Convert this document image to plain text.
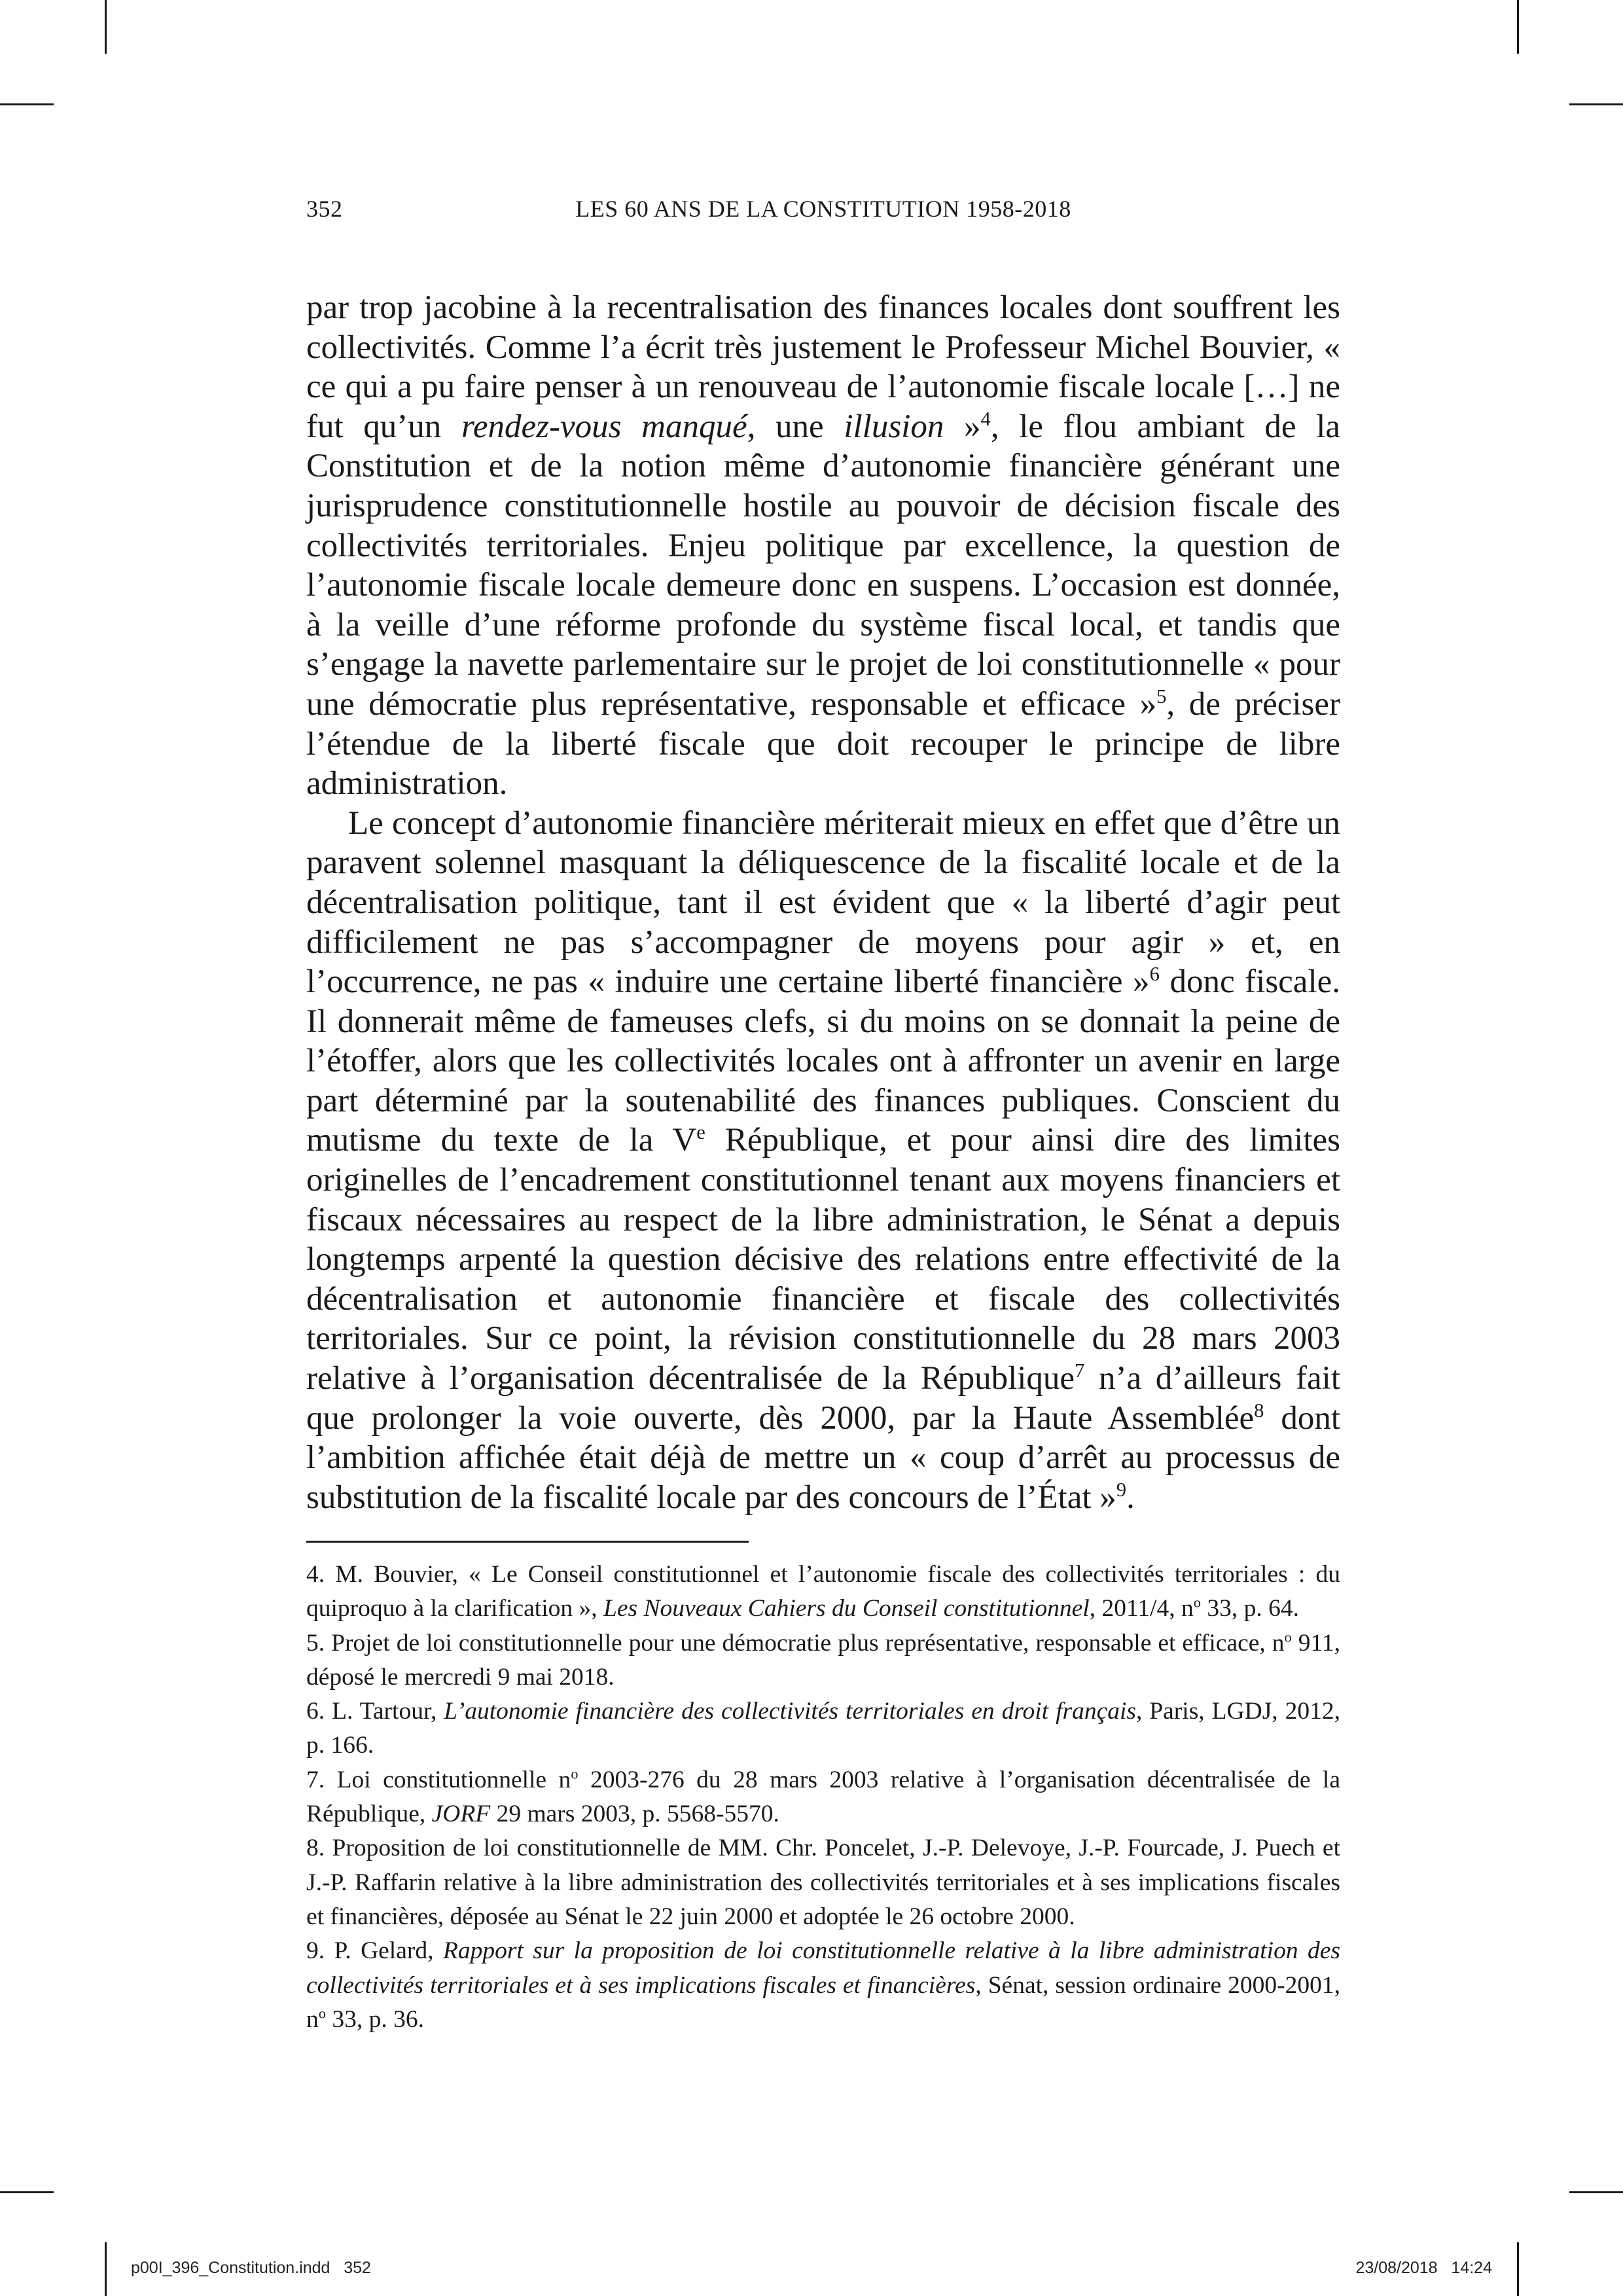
352	LES 60 ANS DE LA CONSTITUTION 1958-2018

par trop jacobine à la recentralisation des finances locales dont souffrent les collectivités. Comme l’a écrit très justement le Professeur Michel Bouvier, « ce qui a pu faire penser à un renouveau de l’autonomie fiscale locale […] ne fut qu’un rendez-vous manqué, une illusion »$^4$, le flou ambiant de la Constitution et de la notion même d’autonomie financière générant une jurisprudence constitutionnelle hostile au pouvoir de décision fiscale des collectivités territoriales. Enjeu politique par excellence, la question de l’autonomie fiscale locale demeure donc en suspens. L’occasion est donnée, à la veille d’une réforme profonde du système fiscal local, et tandis que s’engage la navette parlementaire sur le projet de loi constitutionnelle « pour une démocratie plus représentative, responsable et efficace »$^5$, de préciser l’étendue de la liberté fiscale que doit recouper le principe de libre administration.

Le concept d’autonomie financière mériterait mieux en effet que d’être un paravent solennel masquant la déliquescence de la fiscalité locale et de la décentralisation politique, tant il est évident que « la liberté d’agir peut difficilement ne pas s’accompagner de moyens pour agir » et, en l’occurrence, ne pas « induire une certaine liberté financière »$^6$ donc fiscale. Il donnerait même de fameuses clefs, si du moins on se donnait la peine de l’étoffer, alors que les collectivités locales ont à affronter un avenir en large part déterminé par la soutenabilité des finances publiques. Conscient du mutisme du texte de la Ve République, et pour ainsi dire des limites originelles de l’encadrement constitutionnel tenant aux moyens financiers et fiscaux nécessaires au respect de la libre administration, le Sénat a depuis longtemps arpenté la question décisive des relations entre effectivité de la décentralisation et autonomie financière et fiscale des collectivités territoriales. Sur ce point, la révision constitutionnelle du 28 mars 2003 relative à l’organisation décentralisée de la République$^7$ n’a d’ailleurs fait que prolonger la voie ouverte, dès 2000, par la Haute Assemblée$^8$ dont l’ambition affichée était déjà de mettre un « coup d’arrêt au processus de substitution de la fiscalité locale par des concours de l’État »$^9$.

4. M. Bouvier, « Le Conseil constitutionnel et l’autonomie fiscale des collectivités territoriales : du quiproquo à la clarification », Les Nouveaux Cahiers du Conseil constitutionnel, 2011/4, $n^o$ 33, p. 64.

5. Projet de loi constitutionnelle pour une démocratie plus représentative, responsable et efficace, $n^o$ 911, déposé le mercredi 9 mai 2018.

6. L. Tartour, L’autonomie financière des collectivités territoriales en droit français, Paris, LGDJ, 2012, p. 166.

7. Loi constitutionnelle $n^o$ 2003-276 du 28 mars 2003 relative à l’organisation décentralisée de la République, JORF 29 mars 2003, p. 5568-5570.

8. Proposition de loi constitutionnelle de MM. Chr. Poncelet, J.-P. Delevoye, J.-P. Fourcade, J. Puech et J.-P. Raffarin relative à la libre administration des collectivités territoriales et à ses implications fiscales et financières, déposée au Sénat le 22 juin 2000 et adoptée le 26 octobre 2000.

9. P. Gelard, Rapport sur la proposition de loi constitutionnelle relative à la libre administration des collectivités territoriales et à ses implications fiscales et financières, Sénat, session ordinaire 2000-2001, $n^o$ 33, p. 36.

p00I_396_Constitution.indd   352	23/08/2018   14:24
